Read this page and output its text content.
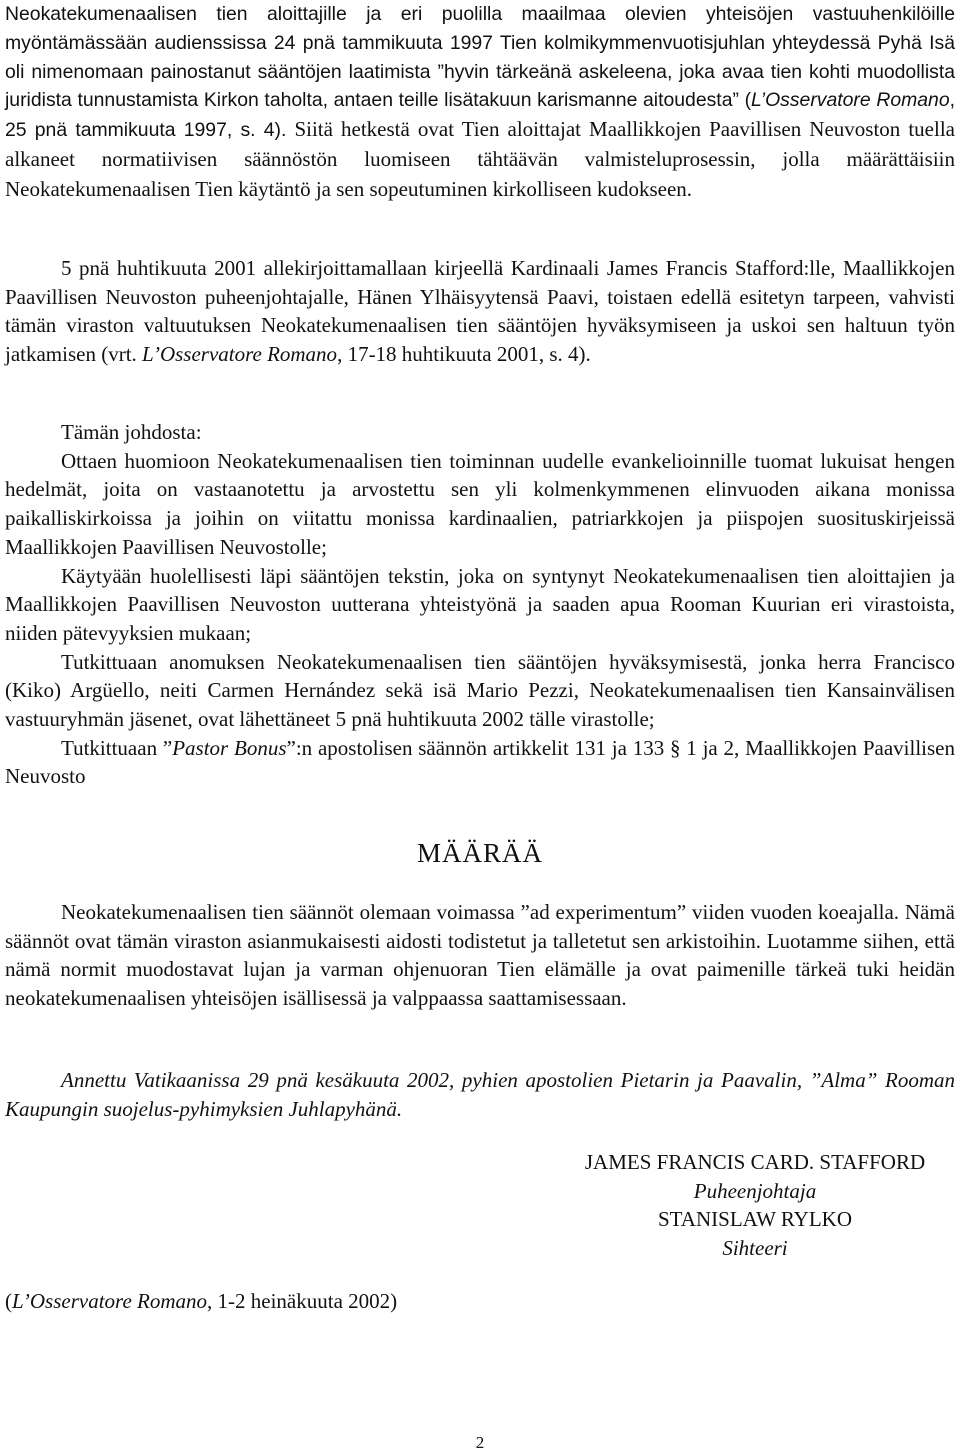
Neokatekumenaalisen tien aloittajille ja eri puolilla maailmaa olevien yhteisöjen vastuuhenkilöille myöntämässään audienssissa 24 pnä tammikuuta 1997 Tien kolmikymmenvuotisjuhlan yhteydessä Pyhä Isä oli nimenomaan painostanut sääntöjen laatimista ”hyvin tärkeänä askeleena, joka avaa tien kohti muodollista juridista tunnustamista Kirkon taholta, antaen teille lisätakuun karismanne aitoudesta” (L’Osservatore Romano, 25 pnä tammikuuta 1997, s. 4). Siitä hetkestä ovat Tien aloittajat Maallikkojen Paavillisen Neuvoston tuella alkaneet normatiivisen säännöstön luomiseen tähtäävän valmisteluprosessin, jolla määrättäisiin Neokatekumenaalisen Tien käytäntö ja sen sopeutuminen kirkolliseen kudokseen.

5 pnä huhtikuuta 2001 allekirjoittamallaan kirjeellä Kardinaali James Francis Stafford:lle, Maallikkojen Paavillisen Neuvoston puheenjohtajalle, Hänen Ylhäisyytensä Paavi, toistaen edellä esitetyn tarpeen, vahvisti tämän viraston valtuutuksen Neokatekumenaalisen tien sääntöjen hyväksymiseen ja uskoi sen haltuun työn jatkamisen (vrt. L’Osservatore Romano, 17-18 huhtikuuta 2001, s. 4).

Tämän johdosta:

Ottaen huomioon Neokatekumenaalisen tien toiminnan uudelle evankelioinnille tuomat lukuisat hengen hedelmät, joita on vastaanotettu ja arvostettu sen yli kolmenkymmenen elinvuoden aikana monissa paikalliskirkoissa ja joihin on viitattu monissa kardinaalien, patriarkkojen ja piispojen suosituskirjeissä Maallikkojen Paavillisen Neuvostolle;

Käytyään huolellisesti läpi sääntöjen tekstin, joka on syntynyt Neokatekumenaalisen tien aloittajien ja Maallikkojen Paavillisen Neuvoston uutterana yhteistyönä ja saaden apua Rooman Kuurian eri virastoista, niiden pätevyyksien mukaan;

Tutkittuaan anomuksen Neokatekumenaalisen tien sääntöjen hyväksymisestä, jonka herra Francisco (Kiko) Argüello, neiti Carmen Hernández sekä isä Mario Pezzi, Neokatekumenaalisen tien Kansainvälisen vastuuryhmän jäsenet, ovat lähettäneet 5 pnä huhtikuuta 2002 tälle virastolle;

Tutkittuaan ”Pastor Bonus”:n apostolisen säännön artikkelit 131 ja 133 § 1 ja 2, Maallikkojen Paavillisen Neuvosto

MÄÄRÄÄ

Neokatekumenaalisen tien säännöt olemaan voimassa ”ad experimentum” viiden vuoden koeajalla. Nämä säännöt ovat tämän viraston asianmukaisesti aidosti todistetut ja talletetut sen arkistoihin. Luotamme siihen, että nämä normit muodostavat lujan ja varman ohjenuoran Tien elämälle ja ovat paimenille tärkeä tuki heidän neokatekumenaalisen yhteisöjen isällisessä ja valppaassa saattamisessaan.

Annettu Vatikaanissa 29 pnä kesäkuuta 2002, pyhien apostolien Pietarin ja Paavalin, ”Alma” Rooman Kaupungin suojelus-pyhimyksien Juhlapyhänä.

JAMES FRANCIS CARD. STAFFORD
Puheenjohtaja
STANISLAW RYLKO
Sihteeri
(L’Osservatore Romano, 1-2 heinäkuuta 2002)
2
